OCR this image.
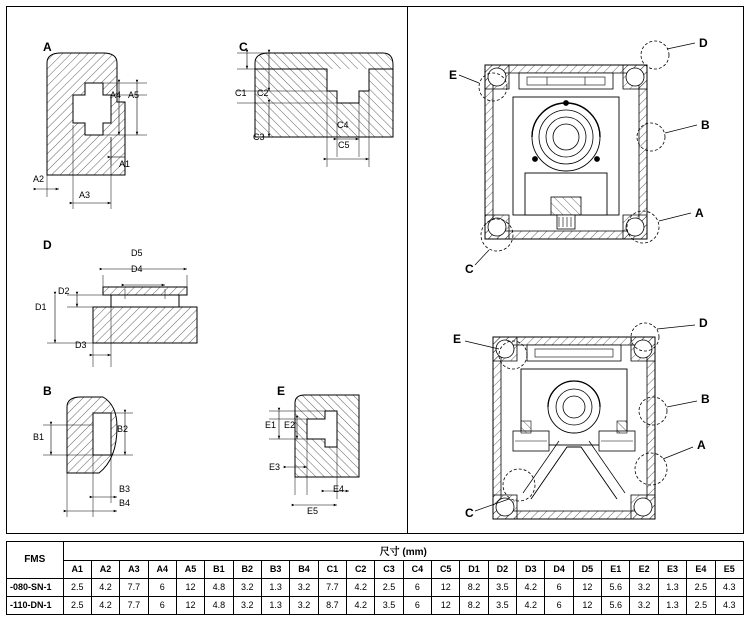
A	C
D
B	E
A4 A5
A1
A2
A3
C1 C2
C3
C4
C5
D5
D4
D1
D2
D3
B1
B2
B3
B4
E1 E2
E3
E4
E5
D
E
B
A
C
E
D
B
A
C
FMS	尺寸 (mm)																							
	A1	A2	A3	A4	A5	B1	B2	B3	B4	C1	C2	C3	C4	C5	D1	D2	D3	D4	D5	E1	E2	E3	E4	E5
-080-SN-1	2.5	4.2	7.7	6	12	4.8	3.2	1.3	3.2	7.7	4.2	2.5	6	12	8.2	3.5	4.2	6	12	5.6	3.2	1.3	2.5	4.3
-110-DN-1	2.5	4.2	7.7	6	12	4.8	3.2	1.3	3.2	8.7	4.2	3.5	6	12	8.2	3.5	4.2	6	12	5.6	3.2	1.3	2.5	4.3
